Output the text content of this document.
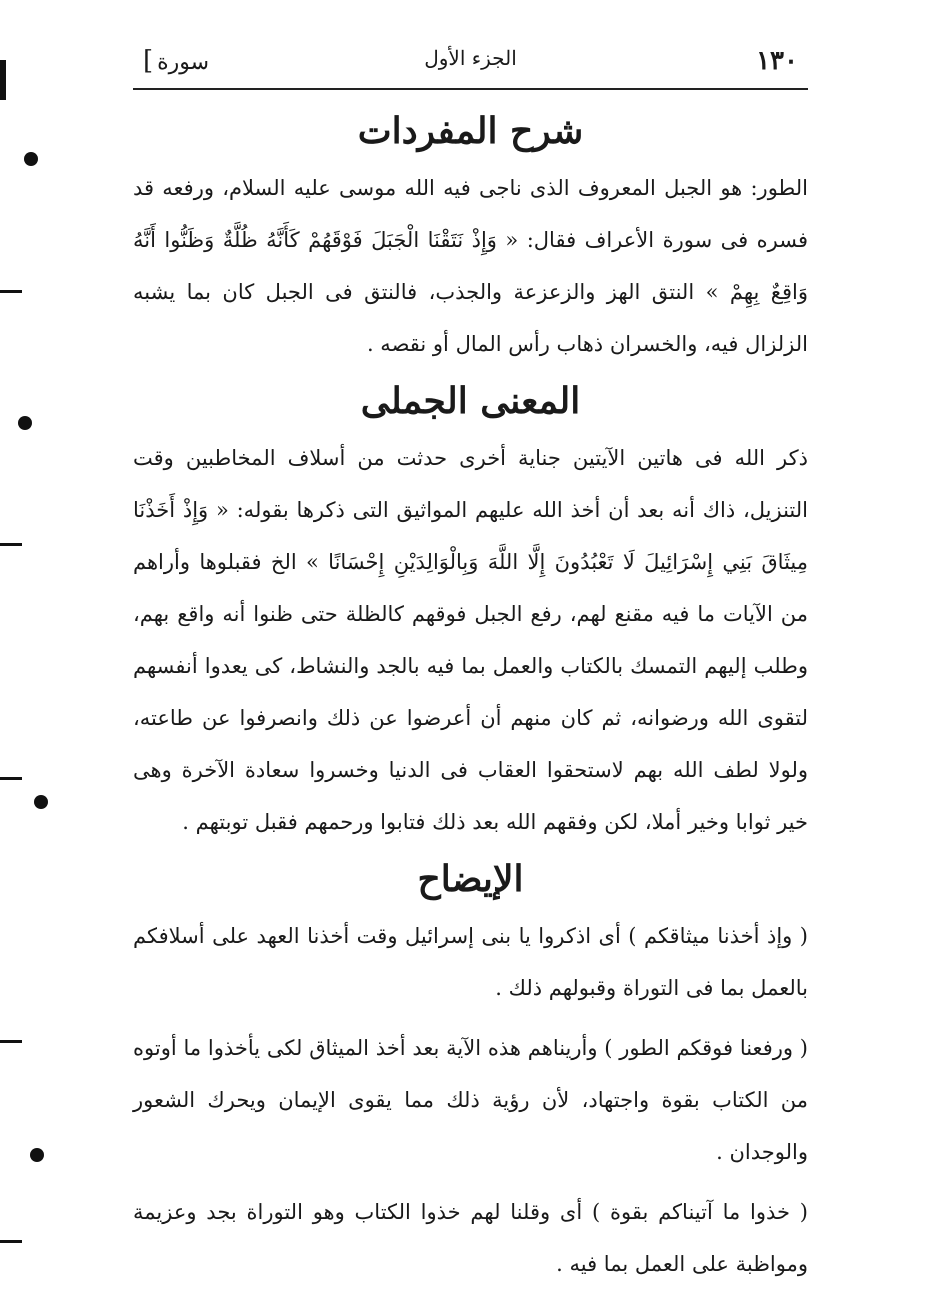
١٣٠
الجزء الأول
[ سورة
شرح المفردات

الطور: هو الجبل المعروف الذى ناجى فيه الله موسى عليه السلام، ورفعه قد فسره فى سورة الأعراف فقال: « وَإِذْ نَتَقْنَا الْجَبَلَ فَوْقَهُمْ كَأَنَّهُ ظُلَّةٌ وَظَنُّوا أَنَّهُ وَاقِعٌ بِهِمْ » النتق الهز والزعزعة والجذب، فالنتق فى الجبل كان بما يشبه الزلزال فيه، والخسران ذهاب رأس المال أو نقصه .

المعنى الجملى

ذكر الله فى هاتين الآيتين جناية أخرى حدثت من أسلاف المخاطبين وقت التنزيل، ذاك أنه بعد أن أخذ الله عليهم المواثيق التى ذكرها بقوله: « وَإِذْ أَخَذْنَا مِيثَاقَ بَنِي إِسْرَائِيلَ لَا تَعْبُدُونَ إِلَّا اللَّهَ وَبِالْوَالِدَيْنِ إِحْسَانًا » الخ فقبلوها وأراهم من الآيات ما فيه مقنع لهم، رفع الجبل فوقهم كالظلة حتى ظنوا أنه واقع بهم، وطلب إليهم التمسك بالكتاب والعمل بما فيه بالجد والنشاط، كى يعدوا أنفسهم لتقوى الله ورضوانه، ثم كان منهم أن أعرضوا عن ذلك وانصرفوا عن طاعته، ولولا لطف الله بهم لاستحقوا العقاب فى الدنيا وخسروا سعادة الآخرة وهى خير ثوابا وخير أملا، لكن وفقهم الله بعد ذلك فتابوا ورحمهم فقبل توبتهم .

الإيضاح

( وإذ أخذنا ميثاقكم ) أى اذكروا يا بنى إسرائيل وقت أخذنا العهد على أسلافكم بالعمل بما فى التوراة وقبولهم ذلك .

( ورفعنا فوقكم الطور ) وأريناهم هذه الآية بعد أخذ الميثاق لكى يأخذوا ما أوتوه من الكتاب بقوة واجتهاد، لأن رؤية ذلك مما يقوى الإيمان ويحرك الشعور والوجدان .

( خذوا ما آتيناكم بقوة ) أى وقلنا لهم خذوا الكتاب وهو التوراة بجد وعزيمة ومواظبة على العمل بما فيه .
